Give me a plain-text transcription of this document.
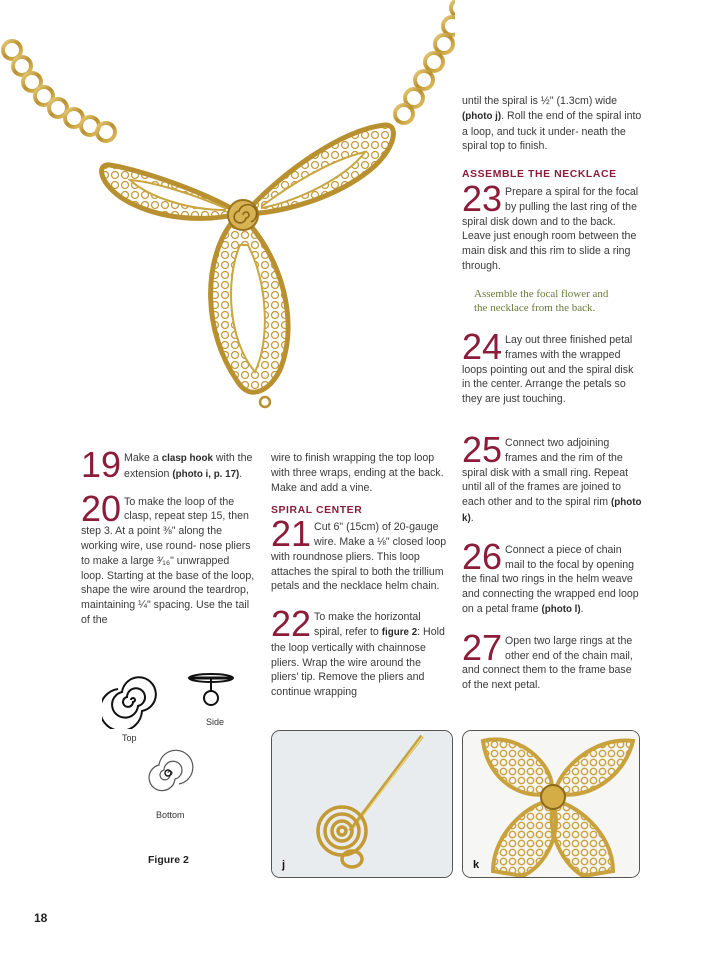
until the spiral is ½" (1.3cm) wide (photo j). Roll the end of the spiral into a loop, and tuck it under- neath the spiral top to finish.

ASSEMBLE THE NECKLACE

23 Prepare a spiral for the focal by pulling the last ring of the spiral disk down and to the back. Leave just enough room between the main disk and this rim to slide a ring through.
Assemble the focal flower and the necklace from the back.
24 Lay out three finished petal frames with the wrapped loops pointing out and the spiral disk in the center. Arrange the petals so they are just touching.
19 Make a clasp hook with the extension (photo i, p. 17).
20 To make the loop of the clasp, repeat step 15, then step 3. At a point ⅜" along the working wire, use round- nose pliers to make a large ³⁄₁₆" unwrapped loop. Starting at the base of the loop, shape the wire around the teardrop, maintaining ¼" spacing. Use the tail of the

wire to finish wrapping the top loop with three wraps, ending at the back. Make and add a vine.

SPIRAL CENTER

21 Cut 6" (15cm) of 20-gauge wire. Make a ⅛" closed loop with roundnose pliers. This loop attaches the spiral to both the trillium petals and the necklace helm chain.
22 To make the horizontal spiral, refer to figure 2: Hold the loop vertically with chainnose pliers. Wrap the wire around the pliers' tip. Remove the pliers and continue wrapping
25 Connect two adjoining frames and the rim of the spiral disk with a small ring. Repeat until all of the frames are joined to each other and to the spiral rim (photo k).
26 Connect a piece of chain mail to the focal by opening the final two rings in the helm weave and connecting the wrapped end loop on a petal frame (photo l).
27 Open two large rings at the other end of the chain mail, and connect them to the frame base of the next petal.
Top
Side
Bottom
Figure 2	j	k
18
